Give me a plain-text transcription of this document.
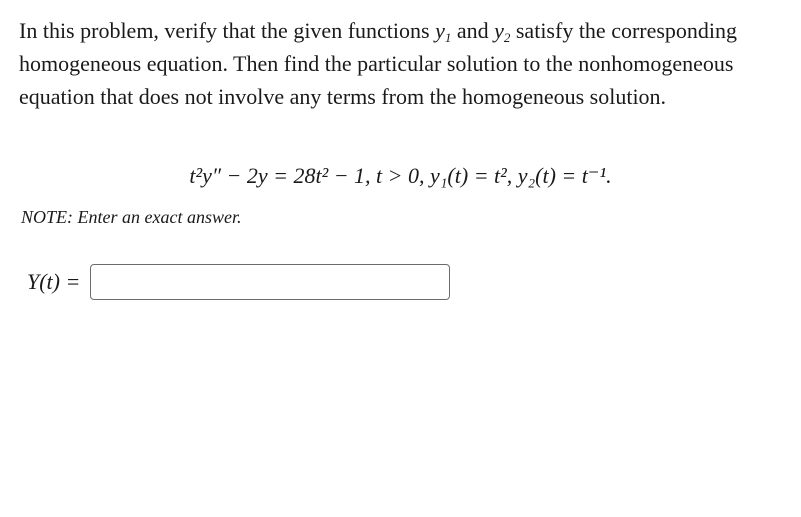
In this problem, verify that the given functions $y_1$ and $y_2$ satisfy the corresponding homogeneous equation. Then find the particular solution to the nonhomogeneous equation that does not involve any terms from the homogeneous solution.
t²y″ − 2y = 28t² − 1, t > 0, y₁(t) = t², y₂(t) = t⁻¹.
NOTE: Enter an exact answer.
Y(t) =
